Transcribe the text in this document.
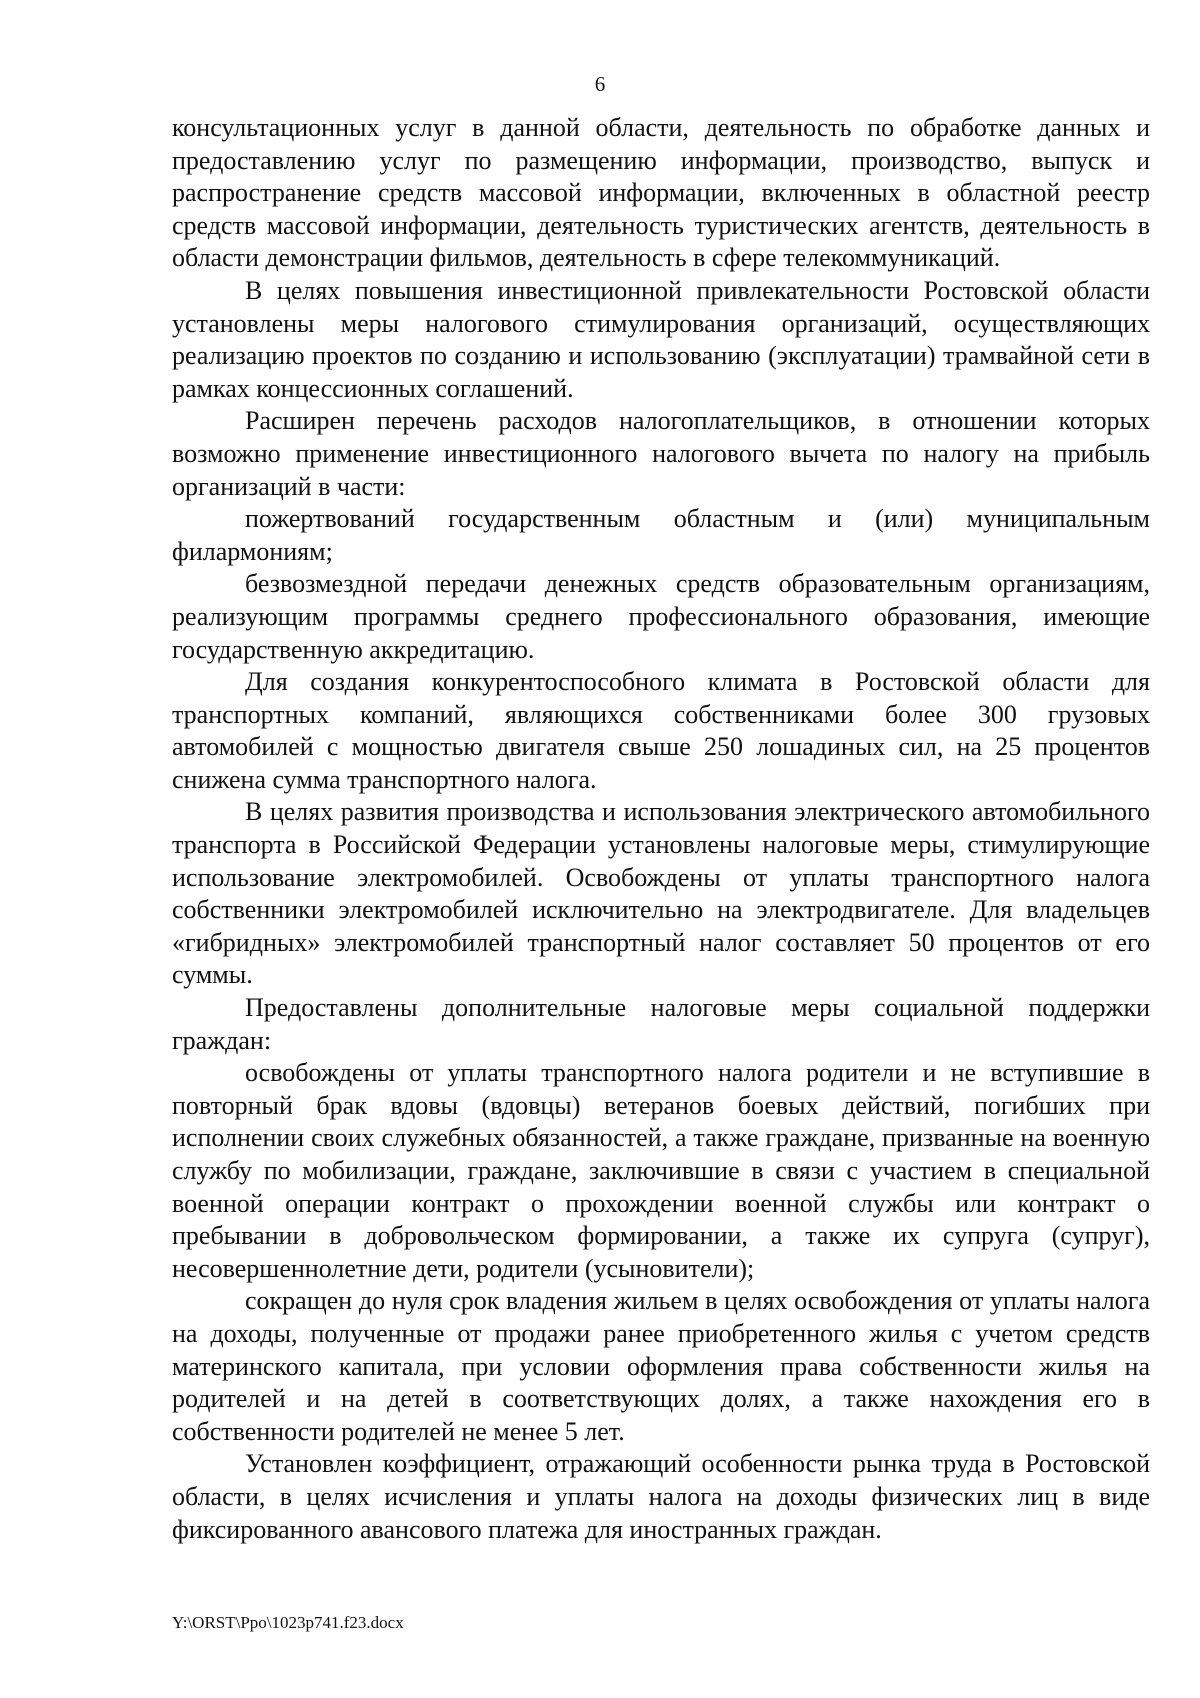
6

консультационных услуг в данной области, деятельность по обработке данных и предоставлению услуг по размещению информации, производство, выпуск и распространение средств массовой информации, включенных в областной реестр средств массовой информации, деятельность туристических агентств, деятельность в области демонстрации фильмов, деятельность в сфере телекоммуникаций.

В целях повышения инвестиционной привлекательности Ростовской области установлены меры налогового стимулирования организаций, осуществляющих реализацию проектов по созданию и использованию (эксплуатации) трамвайной сети в рамках концессионных соглашений.

Расширен перечень расходов налогоплательщиков, в отношении которых возможно применение инвестиционного налогового вычета по налогу на прибыль организаций в части:

пожертвований государственным областным и (или) муниципальным филармониям;

безвозмездной передачи денежных средств образовательным организациям, реализующим программы среднего профессионального образования, имеющие государственную аккредитацию.

Для создания конкурентоспособного климата в Ростовской области для транспортных компаний, являющихся собственниками более 300 грузовых автомобилей с мощностью двигателя свыше 250 лошадиных сил, на 25 процентов снижена сумма транспортного налога.

В целях развития производства и использования электрического автомобильного транспорта в Российской Федерации установлены налоговые меры, стимулирующие использование электромобилей. Освобождены от уплаты транспортного налога собственники электромобилей исключительно на электродвигателе. Для владельцев «гибридных» электромобилей транспортный налог составляет 50 процентов от его суммы.

Предоставлены дополнительные налоговые меры социальной поддержки граждан:

освобождены от уплаты транспортного налога родители и не вступившие в повторный брак вдовы (вдовцы) ветеранов боевых действий, погибших при исполнении своих служебных обязанностей, а также граждане, призванные на военную службу по мобилизации, граждане, заключившие в связи с участием в специальной военной операции контракт о прохождении военной службы или контракт о пребывании в добровольческом формировании, а также их супруга (супруг), несовершеннолетние дети, родители (усыновители);

сокращен до нуля срок владения жильем в целях освобождения от уплаты налога на доходы, полученные от продажи ранее приобретенного жилья с учетом средств материнского капитала, при условии оформления права собственности жилья на родителей и на детей в соответствующих долях, а также нахождения его в собственности родителей не менее 5 лет.

Установлен коэффициент, отражающий особенности рынка труда в Ростовской области, в целях исчисления и уплаты налога на доходы физических лиц в виде фиксированного авансового платежа для иностранных граждан.

Y:\ORST\Ppo\1023p741.f23.docx
